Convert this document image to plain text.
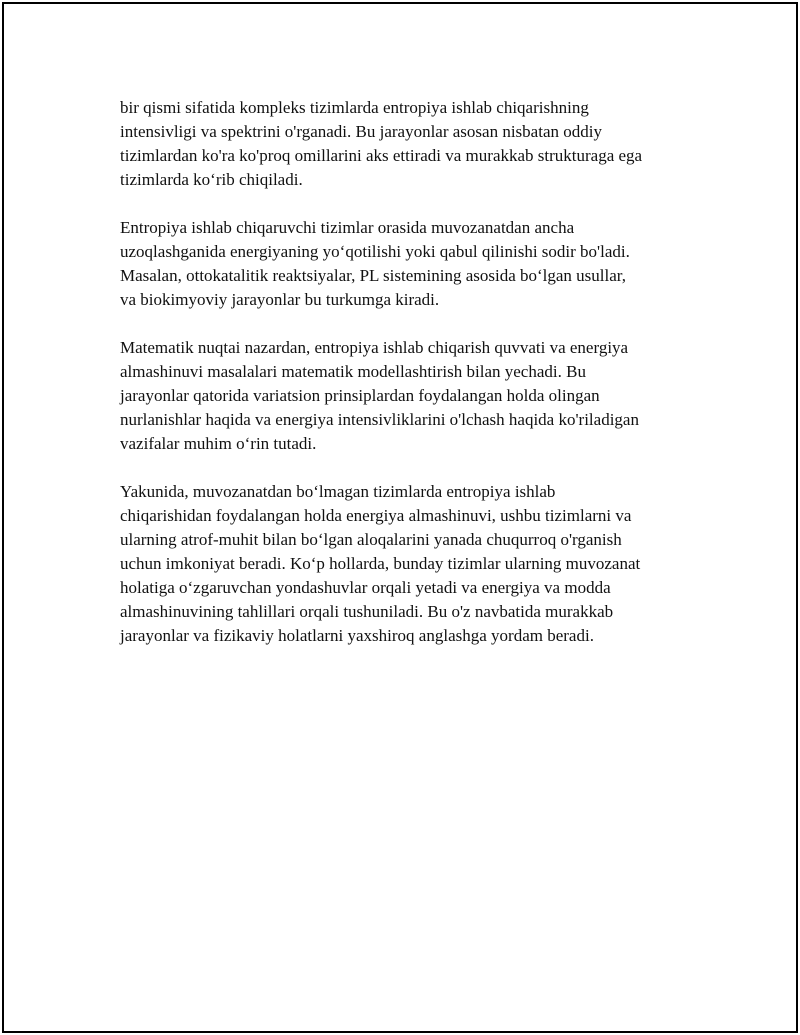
bir qismi sifatida kompleks tizimlarda entropiya ishlab chiqarishning
intensivligi va spektrini o'rganadi. Bu jarayonlar asosan nisbatan oddiy
tizimlardan ko'ra ko'proq omillarini aks ettiradi va murakkab strukturaga ega
tizimlarda koʻrib chiqiladi.

Entropiya ishlab chiqaruvchi tizimlar orasida muvozanatdan ancha
uzoqlashganida energiyaning yoʻqotilishi yoki qabul qilinishi sodir bo'ladi.
Masalan, ottokatalitik reaktsiyalar, PL sistemining asosida boʻlgan usullar,
va biokimyoviy jarayonlar bu turkumga kiradi.

Matematik nuqtai nazardan, entropiya ishlab chiqarish quvvati va energiya
almashinuvi masalalari matematik modellashtirish bilan yechadi. Bu
jarayonlar qatorida variatsion prinsiplardan foydalangan holda olingan
nurlanishlar haqida va energiya intensivliklarini o'lchash haqida ko'riladigan
vazifalar muhim oʻrin tutadi.

Yakunida, muvozanatdan boʻlmagan tizimlarda entropiya ishlab
chiqarishidan foydalangan holda energiya almashinuvi, ushbu tizimlarni va
ularning atrof-muhit bilan boʻlgan aloqalarini yanada chuqurroq o'rganish
uchun imkoniyat beradi. Koʻp hollarda, bunday tizimlar ularning muvozanat
holatiga oʻzgaruvchan yondashuvlar orqali yetadi va energiya va modda
almashinuvining tahlillari orqali tushuniladi. Bu o'z navbatida murakkab
jarayonlar va fizikaviy holatlarni yaxshiroq anglashga yordam beradi.
